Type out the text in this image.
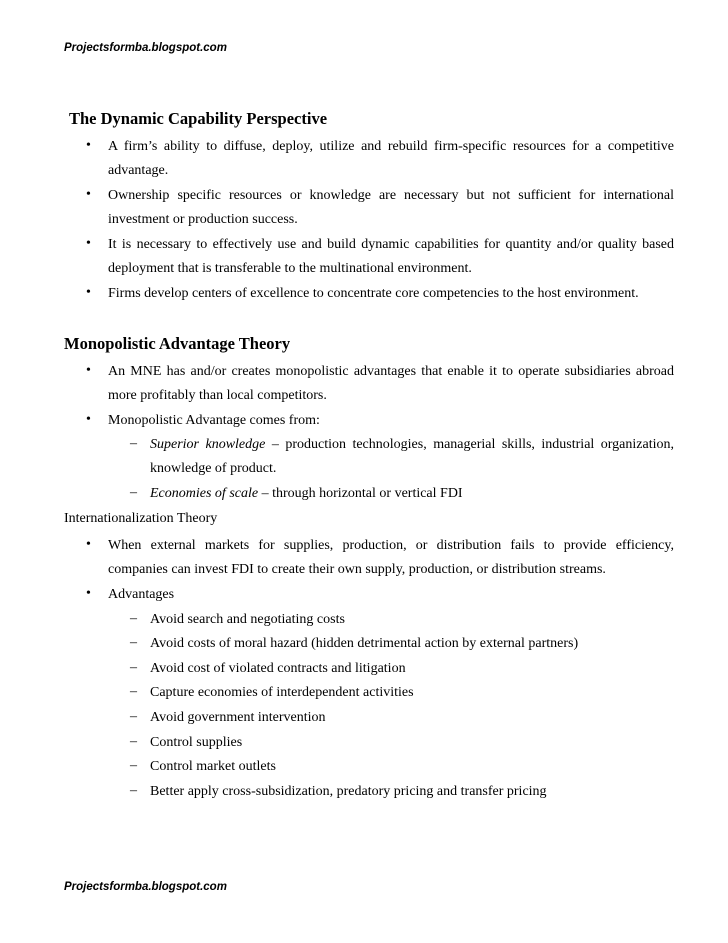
Projectsformba.blogspot.com
The Dynamic Capability Perspective
• A firm’s ability to diffuse, deploy, utilize and rebuild firm-specific resources for a competitive advantage.
• Ownership specific resources or knowledge are necessary but not sufficient for international investment or production success.
• It is necessary to effectively use and build dynamic capabilities for quantity and/or quality based deployment that is transferable to the multinational environment.
• Firms develop centers of excellence to concentrate core competencies to the host environment.
Monopolistic Advantage Theory
• An MNE has and/or creates monopolistic advantages that enable it to operate subsidiaries abroad more profitably than local competitors.
• Monopolistic Advantage comes from:
– Superior knowledge – production technologies, managerial skills, industrial organization, knowledge of product.
– Economies of scale – through horizontal or vertical FDI
Internationalization Theory
• When external markets for supplies, production, or distribution fails to provide efficiency, companies can invest FDI to create their own supply, production, or distribution streams.
• Advantages
– Avoid search and negotiating costs
– Avoid costs of moral hazard (hidden detrimental action by external partners)
– Avoid cost of violated contracts and litigation
– Capture economies of interdependent activities
– Avoid government intervention
– Control supplies
– Control market outlets
– Better apply cross-subsidization, predatory pricing and transfer pricing
Projectsformba.blogspot.com
